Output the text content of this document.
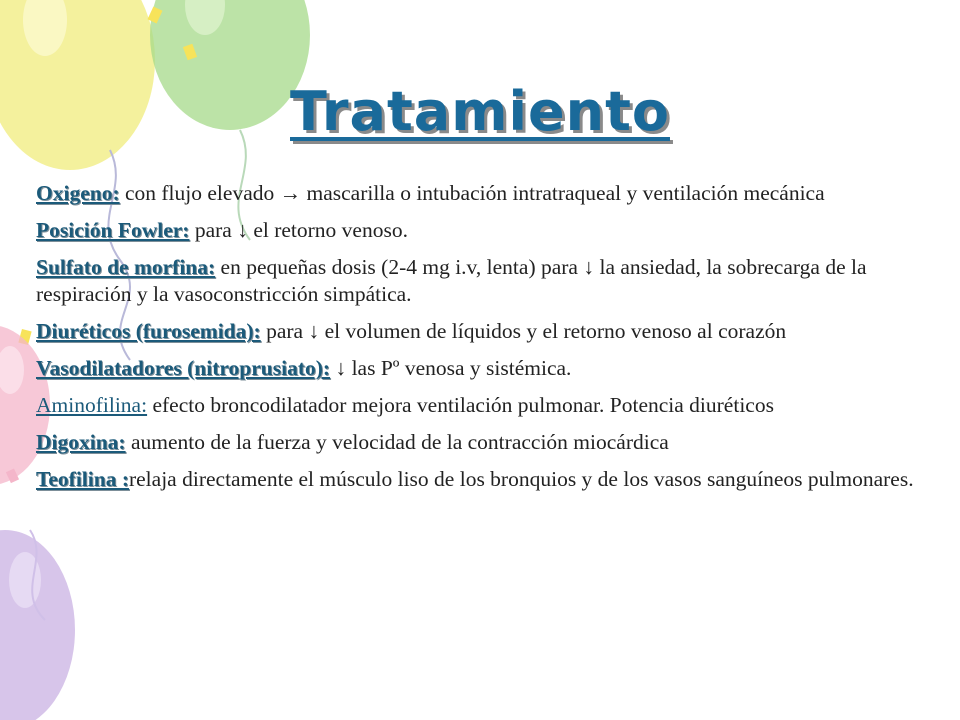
Tratamiento
Oxigeno: con flujo elevado → mascarilla o intubación intratraqueal y ventilación mecánica
Posición Fowler: para ↓ el retorno venoso.
Sulfato de morfina: en pequeñas dosis (2-4 mg i.v, lenta) para ↓ la ansiedad, la sobrecarga de la respiración y la vasoconstricción simpática.
Diuréticos (furosemida): para ↓ el volumen de líquidos y el retorno venoso al corazón
Vasodilatadores (nitroprusiato): ↓ las Pº venosa y sistémica.
Aminofilina: efecto broncodilatador mejora ventilación pulmonar. Potencia diuréticos
Digoxina: aumento de la fuerza y velocidad de la contracción miocárdica
Teofilina :relaja directamente el músculo liso de los bronquios y de los vasos sanguíneos pulmonares.
